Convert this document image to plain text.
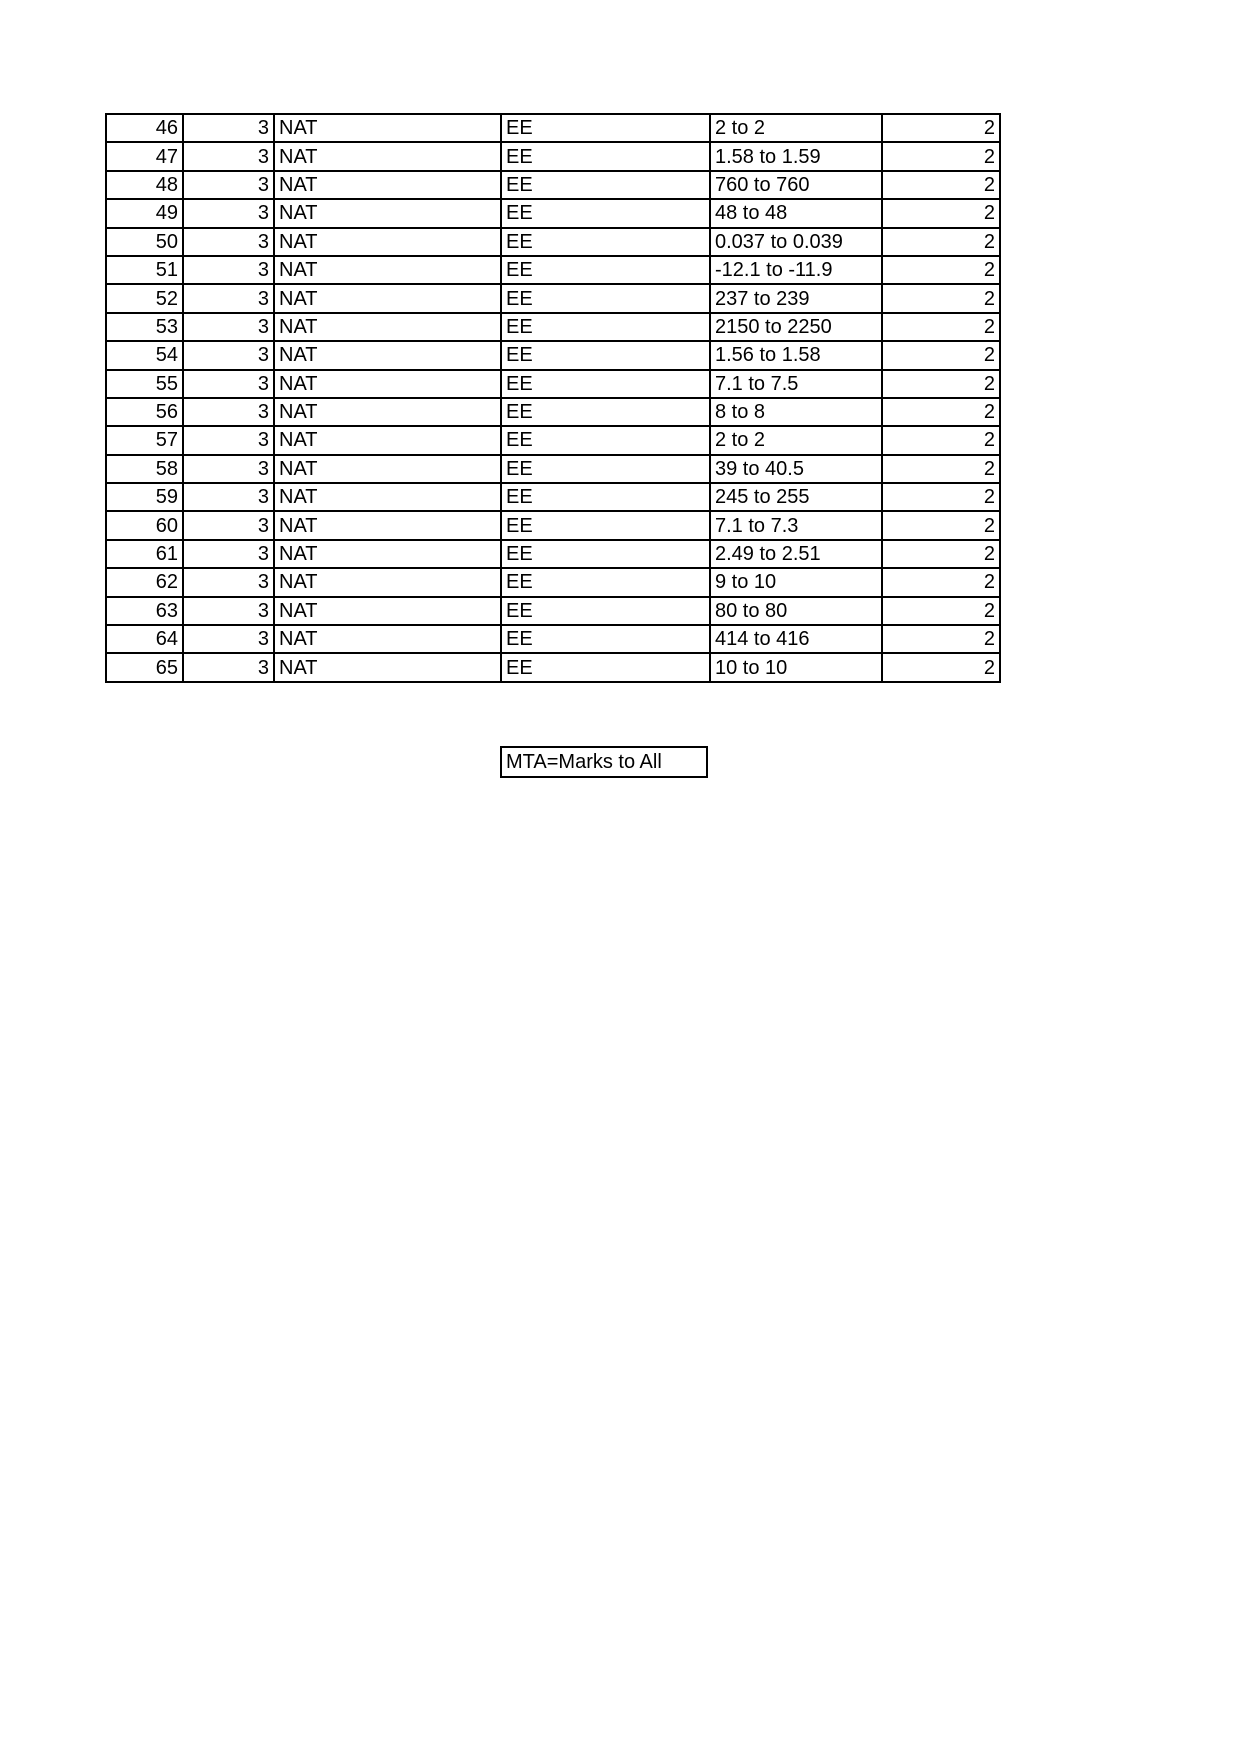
46	3	NAT	EE	2 to 2	2
47	3	NAT	EE	1.58 to 1.59	2
48	3	NAT	EE	760 to 760	2
49	3	NAT	EE	48 to 48	2
50	3	NAT	EE	0.037 to 0.039	2
51	3	NAT	EE	-12.1 to -11.9	2
52	3	NAT	EE	237 to 239	2
53	3	NAT	EE	2150 to 2250	2
54	3	NAT	EE	1.56 to 1.58	2
55	3	NAT	EE	7.1 to 7.5	2
56	3	NAT	EE	8 to 8	2
57	3	NAT	EE	2 to 2	2
58	3	NAT	EE	39 to 40.5	2
59	3	NAT	EE	245 to 255	2
60	3	NAT	EE	7.1 to 7.3	2
61	3	NAT	EE	2.49 to 2.51	2
62	3	NAT	EE	9 to 10	2
63	3	NAT	EE	80 to 80	2
64	3	NAT	EE	414 to 416	2
65	3	NAT	EE	10 to 10	2
MTA=Marks to All
